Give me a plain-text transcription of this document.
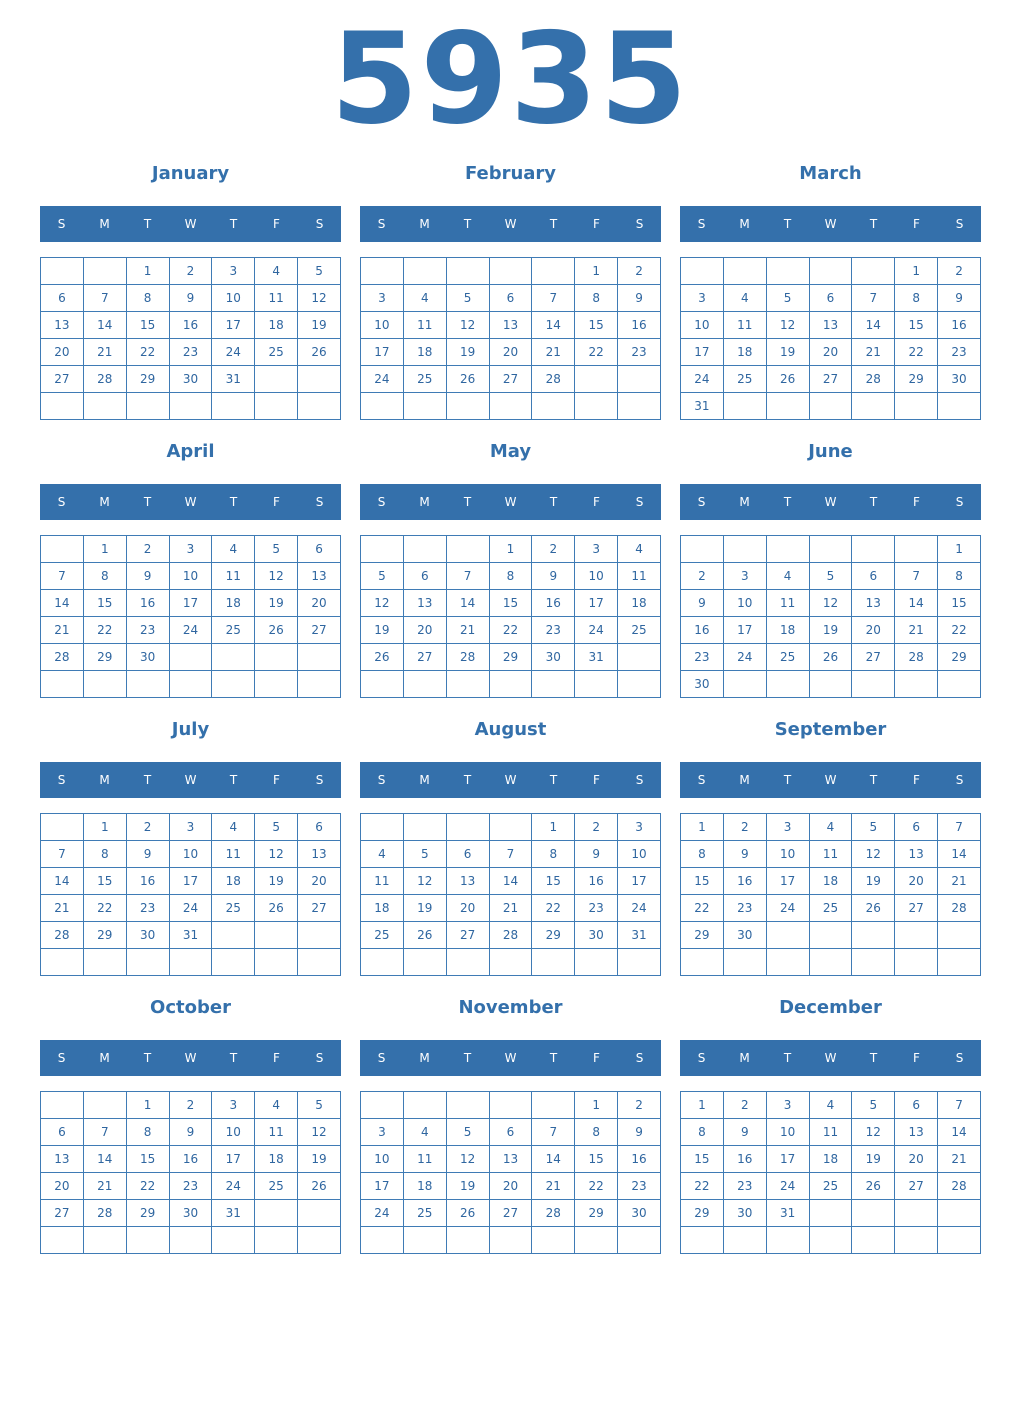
5935
January
S	M	T	W	T	F	S
		1	2	3	4	5
6	7	8	9	10	11	12
13	14	15	16	17	18	19
20	21	22	23	24	25	26
27	28	29	30	31		

February
S	M	T	W	T	F	S
					1	2
3	4	5	6	7	8	9
10	11	12	13	14	15	16
17	18	19	20	21	22	23
24	25	26	27	28		

March
S	M	T	W	T	F	S
					1	2
3	4	5	6	7	8	9
10	11	12	13	14	15	16
17	18	19	20	21	22	23
24	25	26	27	28	29	30
31						
April
S	M	T	W	T	F	S
	1	2	3	4	5	6
7	8	9	10	11	12	13
14	15	16	17	18	19	20
21	22	23	24	25	26	27
28	29	30				

May
S	M	T	W	T	F	S
			1	2	3	4
5	6	7	8	9	10	11
12	13	14	15	16	17	18
19	20	21	22	23	24	25
26	27	28	29	30	31	

June
S	M	T	W	T	F	S
						1
2	3	4	5	6	7	8
9	10	11	12	13	14	15
16	17	18	19	20	21	22
23	24	25	26	27	28	29
30						
July
S	M	T	W	T	F	S
	1	2	3	4	5	6
7	8	9	10	11	12	13
14	15	16	17	18	19	20
21	22	23	24	25	26	27
28	29	30	31			

August
S	M	T	W	T	F	S
				1	2	3
4	5	6	7	8	9	10
11	12	13	14	15	16	17
18	19	20	21	22	23	24
25	26	27	28	29	30	31

September
S	M	T	W	T	F	S
1	2	3	4	5	6	7
8	9	10	11	12	13	14
15	16	17	18	19	20	21
22	23	24	25	26	27	28
29	30					

October
S	M	T	W	T	F	S
		1	2	3	4	5
6	7	8	9	10	11	12
13	14	15	16	17	18	19
20	21	22	23	24	25	26
27	28	29	30	31		

November
S	M	T	W	T	F	S
					1	2
3	4	5	6	7	8	9
10	11	12	13	14	15	16
17	18	19	20	21	22	23
24	25	26	27	28	29	30

December
S	M	T	W	T	F	S
1	2	3	4	5	6	7
8	9	10	11	12	13	14
15	16	17	18	19	20	21
22	23	24	25	26	27	28
29	30	31				
